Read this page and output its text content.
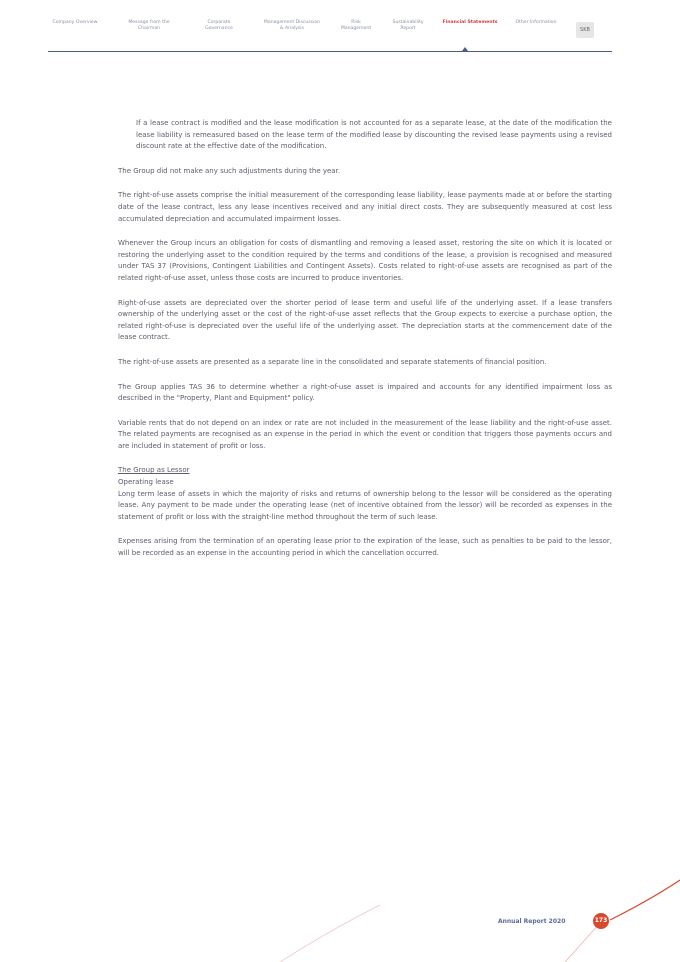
Company Overview	Message from the Chairman
Corporate Governance
Management Discussion & Analysis
Risk Management
Sustainability Report
Financial Statements	Other Information
SKB

If a lease contract is modified and the lease modification is not accounted for as a separate lease, at the date of the modification the lease liability is remeasured based on the lease term of the modified lease by discounting the revised lease payments using a revised discount rate at the effective date of the modification.

The Group did not make any such adjustments during the year.

The right-of-use assets comprise the initial measurement of the corresponding lease liability, lease payments made at or before the starting date of the lease contract, less any lease incentives received and any initial direct costs. They are subsequently measured at cost less accumulated depreciation and accumulated impairment losses.

Whenever the Group incurs an obligation for costs of dismantling and removing a leased asset, restoring the site on which it is located or restoring the underlying asset to the condition required by the terms and conditions of the lease, a provision is recognised and measured under TAS 37 (Provisions, Contingent Liabilities and Contingent Assets). Costs related to right-of-use assets are recognised as part of the related right-of-use asset, unless those costs are incurred to produce inventories.

Right-of-use assets are depreciated over the shorter period of lease term and useful life of the underlying asset. If a lease transfers ownership of the underlying asset or the cost of the right-of-use asset reflects that the Group expects to exercise a purchase option, the related right-of-use is depreciated over the useful life of the underlying asset. The depreciation starts at the commencement date of the lease contract.

The right-of-use assets are presented as a separate line in the consolidated and separate statements of financial position.

The Group applies TAS 36 to determine whether a right-of-use asset is impaired and accounts for any identified impairment loss as described in the "Property, Plant and Equipment" policy.

Variable rents that do not depend on an index or rate are not included in the measurement of the lease liability and the right-of-use asset. The related payments are recognised as an expense in the period in which the event or condition that triggers those payments occurs and are included in statement of profit or loss.

The Group as Lessor

Operating lease

Long term lease of assets in which the majority of risks and returns of ownership belong to the lessor will be considered as the operating lease. Any payment to be made under the operating lease (net of incentive obtained from the lessor) will be recorded as expenses in the statement of profit or loss with the straight-line method throughout the term of such lease.

Expenses arising from the termination of an operating lease prior to the expiration of the lease, such as penalties to be paid to the lessor, will be recorded as an expense in the accounting period in which the cancellation occurred.

Annual Report 2020	173
